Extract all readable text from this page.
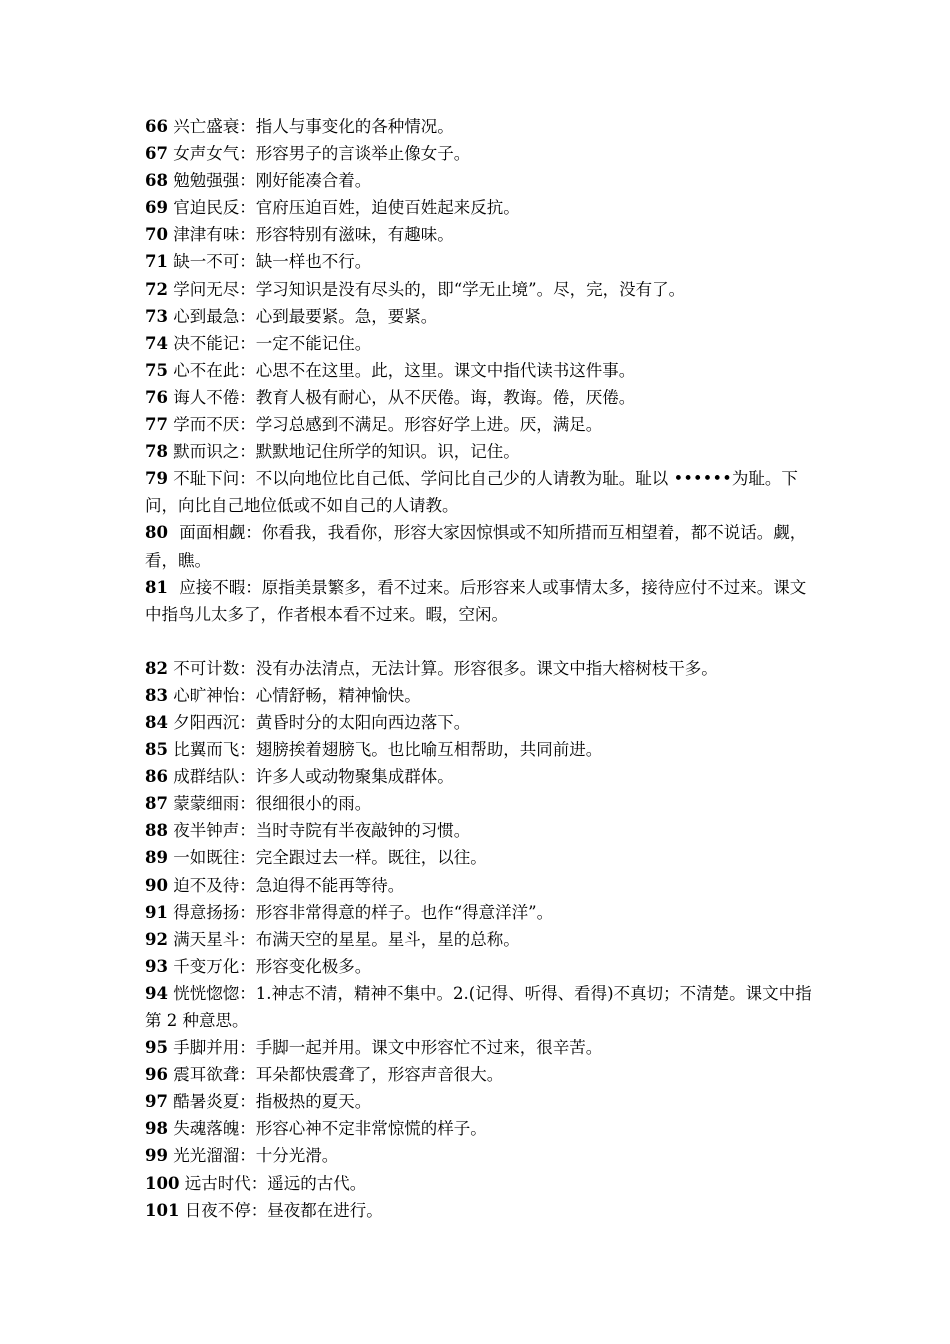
66 兴亡盛衰：指人与事变化的各种情况。

67 女声女气：形容男子的言谈举止像女子。

68 勉勉强强：刚好能凑合着。

69 官迫民反：官府压迫百姓，迫使百姓起来反抗。

70 津津有味：形容特别有滋味，有趣味。

71 缺一不可：缺一样也不行。

72 学问无尽：学习知识是没有尽头的，即“学无止境”。尽，完，没有了。

73 心到最急：心到最要紧。急，要紧。

74 决不能记：一定不能记住。

75 心不在此：心思不在这里。此，这里。课文中指代读书这件事。

76 诲人不倦：教育人极有耐心，从不厌倦。诲，教诲。倦，厌倦。

77 学而不厌：学习总感到不满足。形容好学上进。厌，满足。

78 默而识之：默默地记住所学的知识。识，记住。

79 不耻下问：不以向地位比自己低、学问比自己少的人请教为耻。耻以 ••••••为耻。下问，向比自己地位低或不如自己的人请教。

80 面面相觑：你看我，我看你，形容大家因惊惧或不知所措而互相望着，都不说话。觑，看，瞧。

81 应接不暇：原指美景繁多，看不过来。后形容来人或事情太多，接待应付不过来。课文中指鸟儿太多了，作者根本看不过来。暇，空闲。

82 不可计数：没有办法清点，无法计算。形容很多。课文中指大榕树枝干多。

83 心旷神怡：心情舒畅，精神愉快。

84 夕阳西沉：黄昏时分的太阳向西边落下。

85 比翼而飞：翅膀挨着翅膀飞。也比喻互相帮助，共同前进。

86 成群结队：许多人或动物聚集成群体。

87 蒙蒙细雨：很细很小的雨。

88 夜半钟声：当时寺院有半夜敲钟的习惯。

89 一如既往：完全跟过去一样。既往，以往。

90 迫不及待：急迫得不能再等待。

91 得意扬扬：形容非常得意的样子。也作“得意洋洋”。

92 满天星斗：布满天空的星星。星斗，星的总称。

93 千变万化：形容变化极多。

94 恍恍惚惚：1.神志不清，精神不集中。2.(记得、听得、看得)不真切；不清楚。课文中指第 2 种意思。

95 手脚并用：手脚一起并用。课文中形容忙不过来，很辛苦。

96 震耳欲聋：耳朵都快震聋了，形容声音很大。

97 酷暑炎夏：指极热的夏天。

98 失魂落魄：形容心神不定非常惊慌的样子。

99 光光溜溜：十分光滑。

100 远古时代：遥远的古代。

101 日夜不停：昼夜都在进行。
